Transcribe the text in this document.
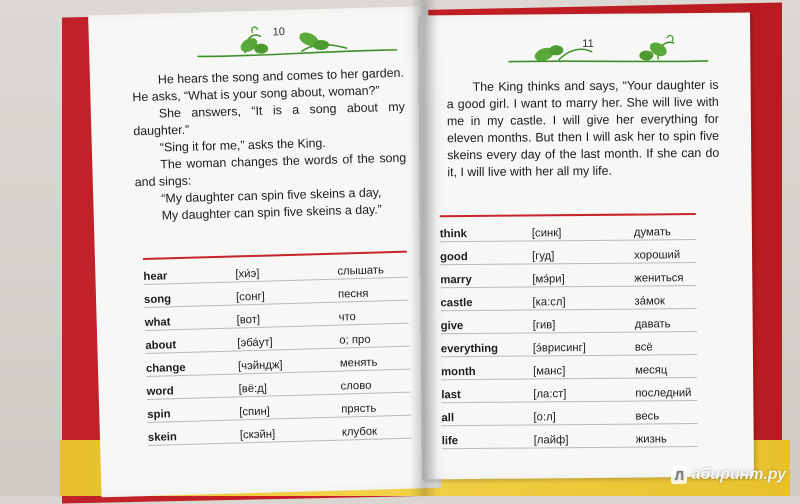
10

He hears the song and comes to her garden. He asks, “What is your song about, woman?”

She answers, “It is a song about my daughter.”

“Sing it for me,” asks the King.

The woman changes the words of the song and sings:

“My daughter can spin five skeins a day,

My daughter can spin five skeins a day.”

hear	[хи́э]	слышать
song	[сонг]	песня
what	[вот]	что
about	[эба́ут]	о; про
change	[чэйндж]	менять
word	[вё:д]	слово
spin	[спин]	прясть
skein	[скэйн]	клубок
11

The King thinks and says, “Your daughter is a good girl. I want to marry her. She will live with me in my castle. I will give her everything for eleven months. But then I will ask her to spin five skeins every day of the last month. If she can do it, I will live with her all my life.

think	[синк]	думать
good	[гуд]	хороший
marry	[мэ́ри]	жениться
castle	[ка:сл]	за́мок
give	[гив]	давать
everything	[э́врисинг]	всё
month	[манс]	месяц
last	[ла:ст]	последний
all	[о:л]	весь
life	[лайф]	жизнь
Л абиринт.ру
